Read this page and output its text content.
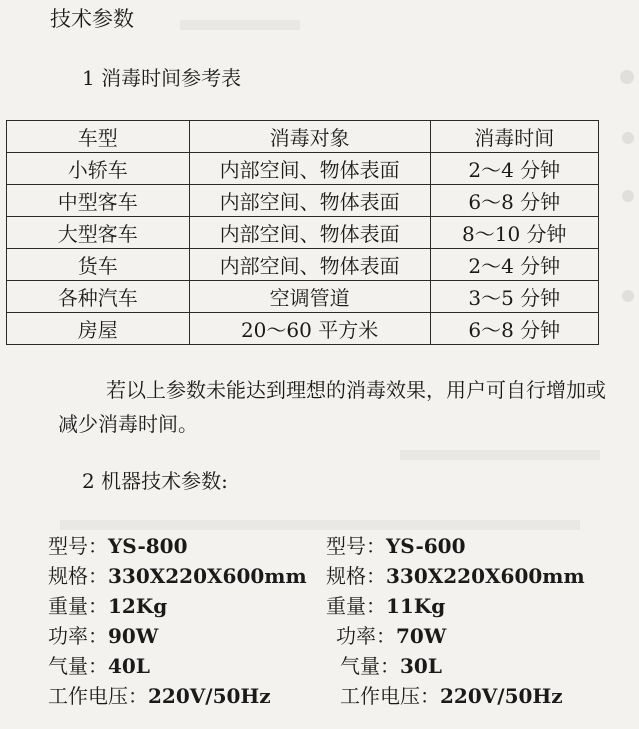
技术参数
1 消毒时间参考表
车型	消毒对象	消毒时间
小轿车	内部空间、物体表面	2～4 分钟
中型客车	内部空间、物体表面	6～8 分钟
大型客车	内部空间、物体表面	8～10 分钟
货车	内部空间、物体表面	2～4 分钟
各种汽车	空调管道	3～5 分钟
房屋	20～60 平方米	6～8 分钟
若以上参数未能达到理想的消毒效果，用户可自行增加或减少消毒时间。
2 机器技术参数:
型号：YS-800
规格：330X220X600mm
重量：12Kg
功率：90W
气量：40L
工作电压：220V/50Hz
型号：YS-600
规格：330X220X600mm
重量：11Kg
功率：70W
气量：30L
工作电压：220V/50Hz
